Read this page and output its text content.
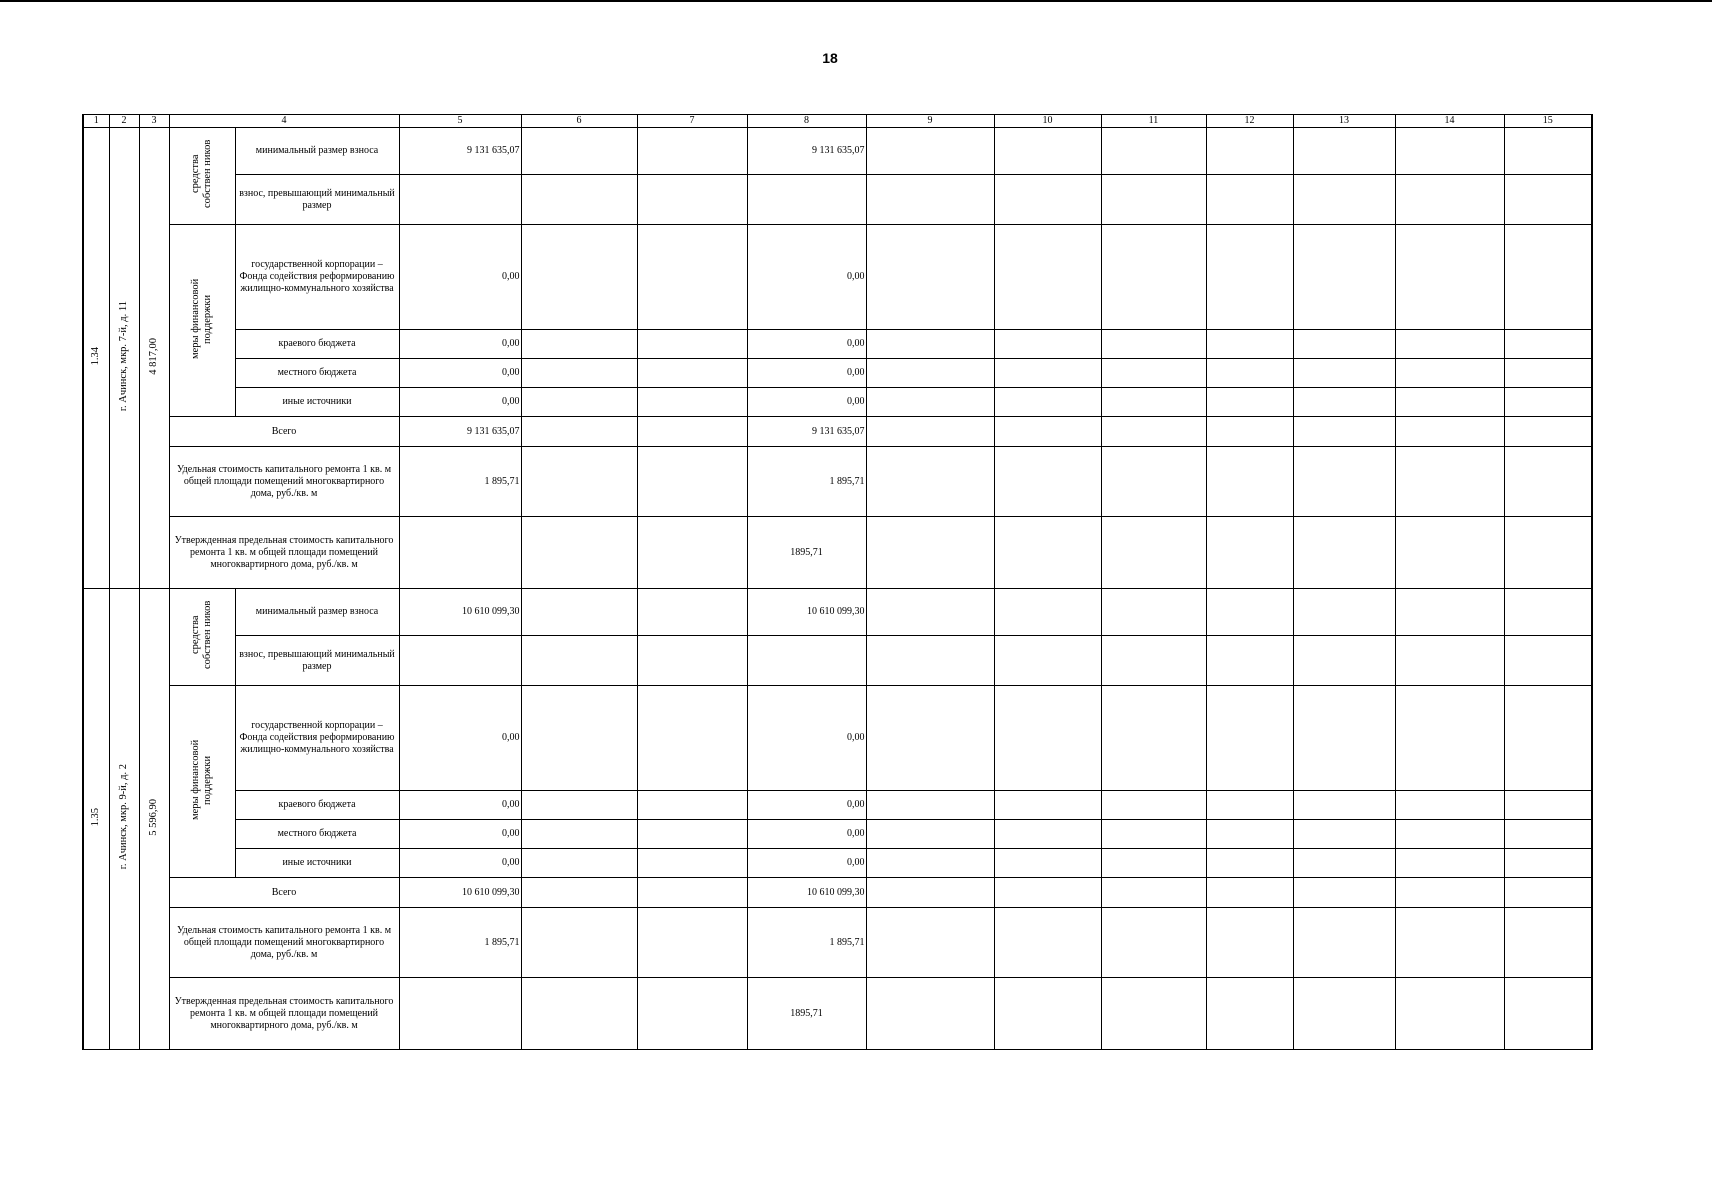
18
1	2	3	4		5	6	7	8	9	10	11	12	13	14	15
1.34	г. Ачинск, мкр. 7-й, д. 11	4 817,00	средства собствен ников	минимальный размер взноса	9 131 635,07			9 131 635,07							
				взнос, превышающий минимальный размер											
			меры финансовой поддержки	государственной корпорации – Фонда содействия реформированию жилищно-коммунального хозяйства	0,00			0,00							
				краевого бюджета	0,00			0,00							
				местного бюджета	0,00			0,00							
				иные источники	0,00			0,00							
			Всего		9 131 635,07			9 131 635,07							
			Удельная стоимость капитального ремонта 1 кв. м общей площади помещений многоквартирного дома, руб./кв. м		1 895,71			1 895,71							
			Утвержденная предельная стоимость капитального ремонта 1 кв. м общей площади помещений многоквартирного дома, руб./кв. м					1895,71							
1.35	г. Ачинск, мкр. 9-й, д. 2	5 596,90	средства собствен ников	минимальный размер взноса	10 610 099,30			10 610 099,30							
				взнос, превышающий минимальный размер											
			меры финансовой поддержки	государственной корпорации – Фонда содействия реформированию жилищно-коммунального хозяйства	0,00			0,00							
				краевого бюджета	0,00			0,00							
				местного бюджета	0,00			0,00							
				иные источники	0,00			0,00							
			Всего		10 610 099,30			10 610 099,30							
			Удельная стоимость капитального ремонта 1 кв. м общей площади помещений многоквартирного дома, руб./кв. м		1 895,71			1 895,71							
			Утвержденная предельная стоимость капитального ремонта 1 кв. м общей площади помещений многоквартирного дома, руб./кв. м					1895,71							
